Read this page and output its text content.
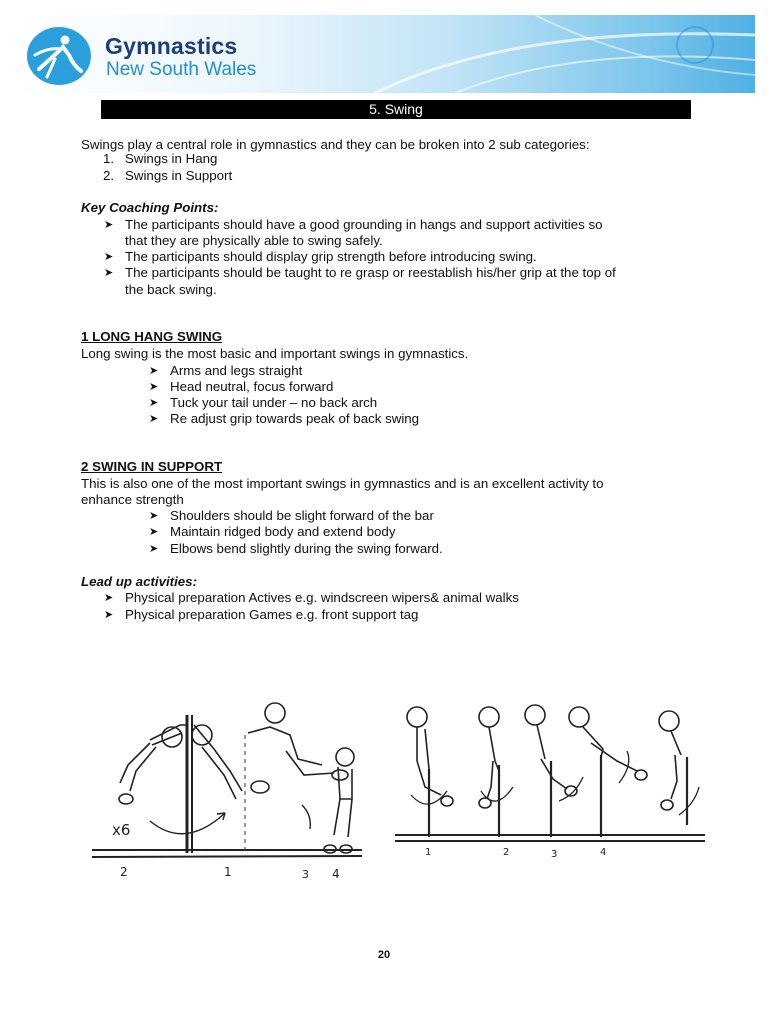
Gymnastics
New South Wales
5. Swing
Swings play a central role in gymnastics and they can be broken into 2 sub categories:
1. Swings in Hang
2. Swings in Support
Key Coaching Points:
➤ The participants should have a good grounding in hangs and support activities so
that they are physically able to swing safely.
➤ The participants should display grip strength before introducing swing.
➤ The participants should be taught to re grasp or reestablish his/her grip at the top of
the back swing.
1 LONG HANG SWING
Long swing is the most basic and important swings in gymnastics.
➤ Arms and legs straight
➤ Head neutral, focus forward
➤ Tuck your tail under – no back arch
➤ Re adjust grip towards peak of back swing
2 SWING IN SUPPORT
This is also one of the most important swings in gymnastics and is an excellent activity to
enhance strength
➤ Shoulders should be slight forward of the bar
➤ Maintain ridged body and extend body
➤ Elbows bend slightly during the swing forward.
Lead up activities:
➤ Physical preparation Actives e.g. windscreen wipers& animal walks
➤ Physical preparation Games e.g. front support tag
x6
2	1	3 4
1	2	3	4
20
